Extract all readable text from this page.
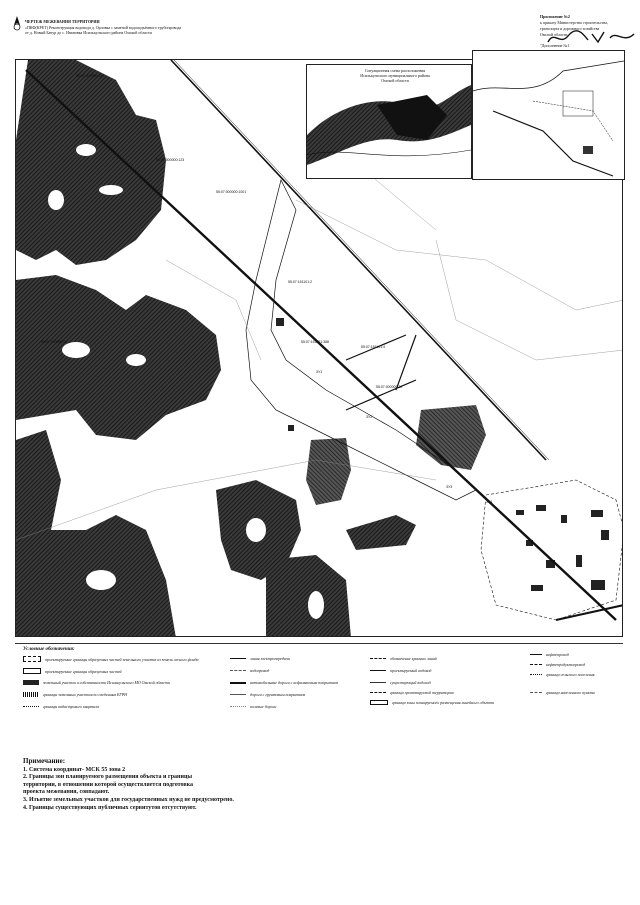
ЧЕРТЕЖ МЕЖЕВАНИЯ ТЕРРИТОРИИ
«ПКФ(КРЕТ) Реконструкция водовода д. Орловка с заменой водоподъёмного трубопровода
от д. Новый Бачур до с. Ивановка Исилькульского района Омской области
Приложение №2
к приказу Министерства строительства,
транспорта и дорожного хозяйства
Омской области
"Дополнение №1
55:07:000000:127
55:07:000000:123
55:07:000000:1001
55:07:151101:2
55:07:151101:388
55:07:151101:4
55:07:000000:32
ЗУ1
ЗУ2
ЗУ3
ЗУ4
55:07:000000:55
Ситуационная схема расположения
Исилькульского муниципального района
Омской области
Условные обозначения:
проектируемые границы образуемых частей земельного участка из земель лесного фонда
проектируемые границы образуемых частей
земельный участок в собственности Исилькульского МО Омской области
границы земельных участков по сведениям ЕГРН
границы кадастрового квартала
линия электропередачи
водопровод
автомобильные дороги с асфальтовым покрытием
дороги с грунтовым покрытием
полевые дороги
обозначение красных линий
проектируемый водовод
существующий водовод
граница проектируемой территории
граница зоны планируемого размещения линейного объекта
нефтепровод
нефтепродуктопровод
граница сельского поселения
граница населенного пункта
Примечание:
1. Система координат- МСК 55 зона 2
2. Границы зон планируемого размещения объекта и границы
территории, в отношении которой осуществляется подготовка
проекта межевания, совпадают.
3. Изъятие земельных участков для государственных нужд не предусмотрено.
4. Границы существующих публичных сервитутов отсутствуют.
